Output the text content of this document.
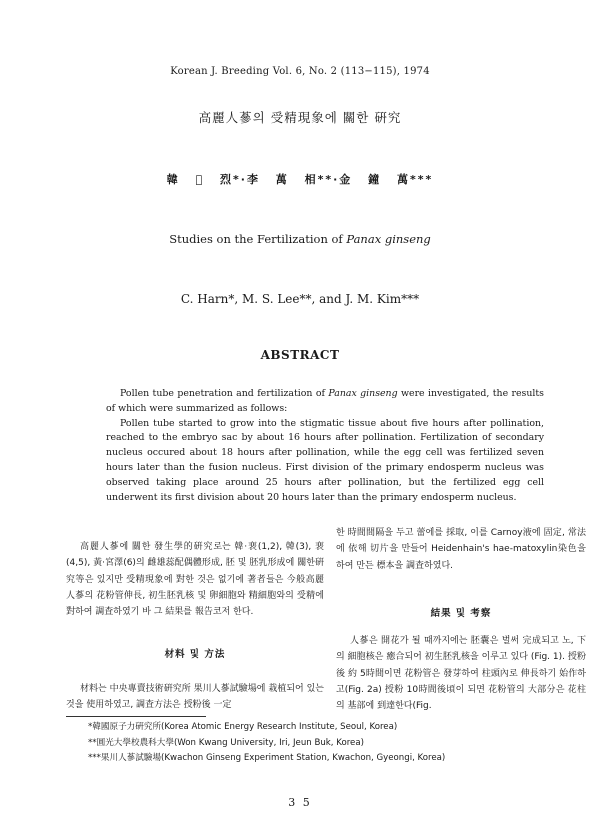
Korean J. Breeding Vol. 6, No. 2 (113−115), 1974
高麗人蔘의 受精現象에 關한 硏究
韓 𢿄 烈*·李 萬 相**·金 鐘 萬***
Studies on the Fertilization of Panax ginseng
C. Harn*, M. S. Lee**, and J. M. Kim***
ABSTRACT

Pollen tube penetration and fertilization of Panax ginseng were investigated, the results of which were summarized as follows:

Pollen tube started to grow into the stigmatic tissue about five hours after pollination, reached to the embryo sac by about 16 hours after pollination. Fertilization of secondary nucleus occured about 18 hours after pollination, while the egg cell was fertilized seven hours later than the fusion nucleus. First division of the primary endosperm nucleus was observed taking place around 25 hours after pollination, but the fertilized egg cell underwent its first division about 20 hours later than the primary endosperm nucleus.

高麗人蔘에 關한 發生學的硏究로는 韓·裵(1,2), 韓(3), 裵(4,5), 黃·宮澤(6)의 雌雄蕊配偶體形成, 胚 및 胚乳形成에 關한硏究等은 있지만 受精現象에 對한 것은 없기에 著者들은 今般高麗人蔘의 花粉管伸長, 初生胚乳核 및 卵細胞와 精細胞와의 受精에 對하여 調査하였기 바 그 結果를 報告코저 한다.

材料 및 方法

材料는 中央專賣技術硏究所 果川人蔘試驗場에 栽植되어 있는 것을 使用하였고, 調査方法은 授粉後 一定

한 時間間隔을 두고 蕾에를 採取, 이를 Carnoy液에 固定, 常法에 依해 切片을 만들어 Heidenhain's hae-matoxylin染色을 하여 만든 標本을 調査하였다.

結果 및 考察

人蔘은 開花가 될 때까지에는 胚囊은 벌써 完成되고 노, 下의 細胞核은 癒合되어 初生胚乳核을 이루고 있다 (Fig. 1). 授粉後 約 5時間이면 花粉管은 發芽하여 柱頭內로 伸長하기 始作하고(Fig. 2a) 授粉 10時間後頃이 되면 花粉管의 大部分은 花柱의 基部에 到達한다(Fig.

*韓國原子力硏究所(Korea Atomic Energy Research Institute, Seoul, Korea)
**圓光大學校農科大學(Won Kwang University, Iri, Jeun Buk, Korea)
***果川人蔘試驗場(Kwachon Ginseng Experiment Station, Kwachon, Gyeongi, Korea)
3 5
